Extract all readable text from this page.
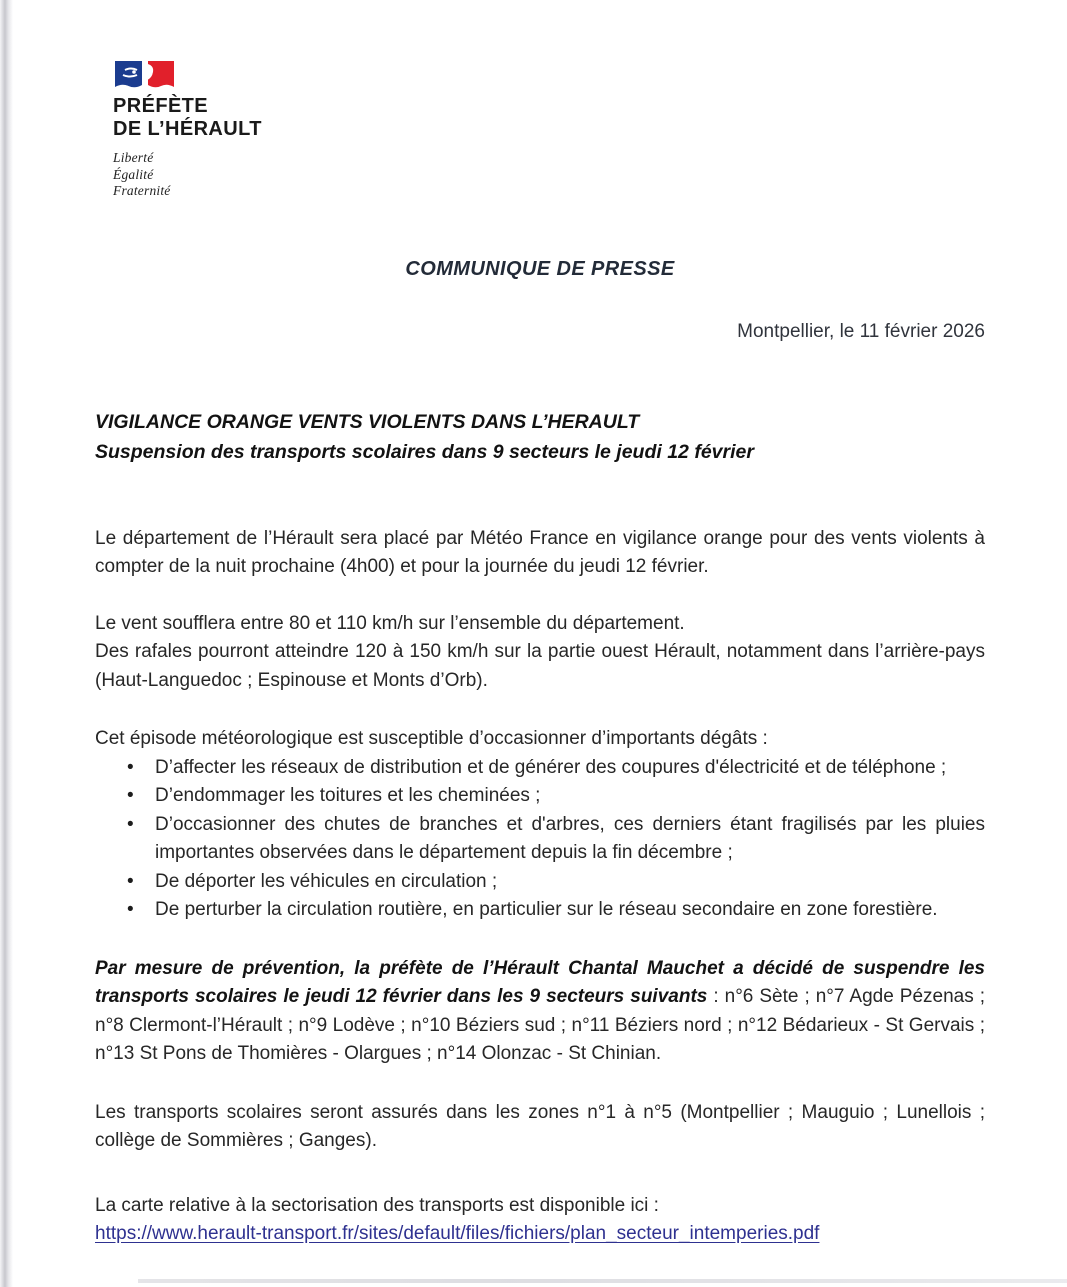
PRÉFÈTE
DE L’HÉRAULT
Liberté
Égalité
Fraternité
COMMUNIQUE DE PRESSE
Montpellier, le 11 février 2026
VIGILANCE ORANGE VENTS VIOLENTS DANS L’HERAULT
Suspension des transports scolaires dans 9 secteurs le jeudi 12 février

Le département de l’Hérault sera placé par Météo France en vigilance orange pour des vents violents à compter de la nuit prochaine (4h00) et pour la journée du jeudi 12 février.

Le vent soufflera entre 80 et 110 km/h sur l’ensemble du département.
Des rafales pourront atteindre 120 à 150 km/h sur la partie ouest Hérault, notamment dans l’arrière-pays (Haut-Languedoc ; Espinouse et Monts d’Orb).

Cet épisode météorologique est susceptible d’occasionner d’importants dégâts :

• D’affecter les réseaux de distribution et de générer des coupures d'électricité et de téléphone ;
• D’endommager les toitures et les cheminées ;
• D’occasionner des chutes de branches et d'arbres, ces derniers étant fragilisés par les pluies importantes observées dans le département depuis la fin décembre ;
• De déporter les véhicules en circulation ;
• De perturber la circulation routière, en particulier sur le réseau secondaire en zone forestière.

Par mesure de prévention, la préfète de l’Hérault Chantal Mauchet a décidé de suspendre les transports scolaires le jeudi 12 février dans les 9 secteurs suivants : n°6 Sète ; n°7 Agde Pézenas ; n°8 Clermont-l’Hérault ; n°9 Lodève ; n°10 Béziers sud ; n°11 Béziers nord ; n°12 Bédarieux - St Gervais ; n°13 St Pons de Thomières - Olargues ; n°14 Olonzac - St Chinian.

Les transports scolaires seront assurés dans les zones n°1 à n°5 (Montpellier ; Mauguio ; Lunellois ; collège de Sommières ; Ganges).

La carte relative à la sectorisation des transports est disponible ici :
https://www.herault-transport.fr/sites/default/files/fichiers/plan_secteur_intemperies.pdf
